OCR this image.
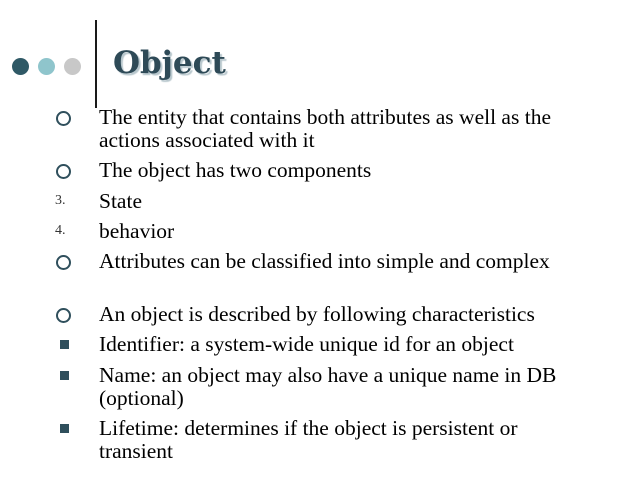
Object
The entity that contains both attributes as well as the actions associated with it
The object has two components
3. State
4. behavior
Attributes can be classified into simple and complex
An object is described by following characteristics
Identifier: a system-wide unique id for an object
Name: an object may also have a unique name in DB (optional)
Lifetime: determines if the object is persistent or transient
